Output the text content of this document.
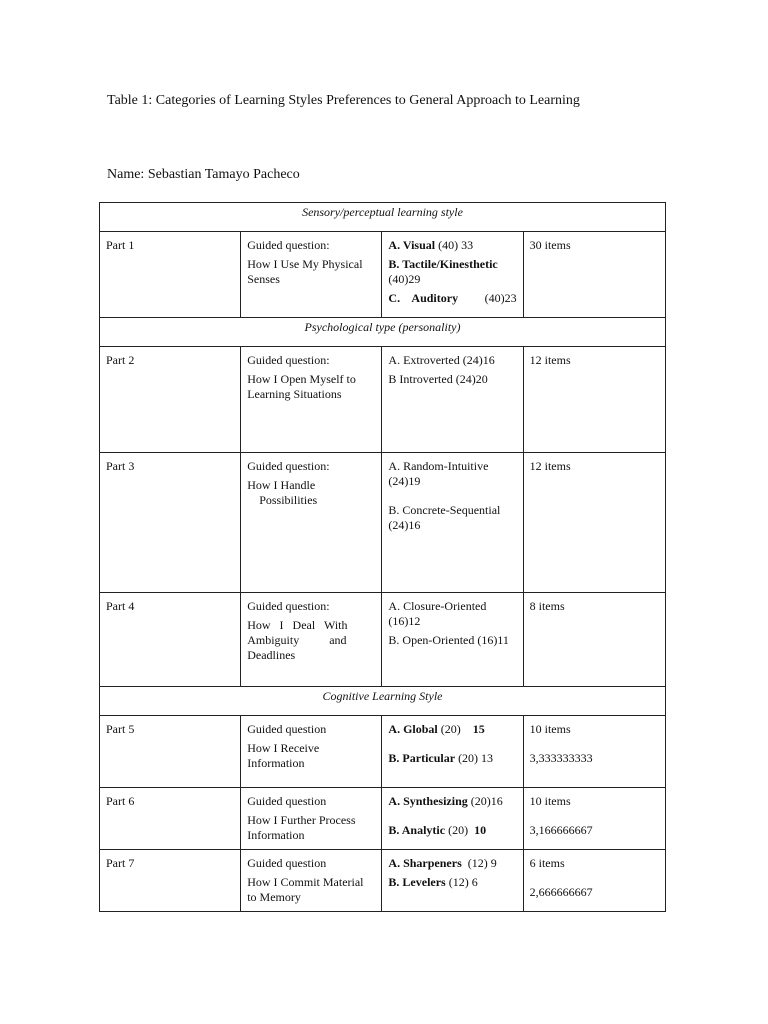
Table 1: Categories of Learning Styles Preferences to General Approach to Learning
Name: Sebastian Tamayo Pacheco
Sensory/perceptual learning style			
Part 1	Guided question:
How I Use My Physical Senses	A. Visual (40) 33
B. Tactile/Kinesthetic
(40)29
C.    Auditory (40)23	30 items
Psychological type (personality)			
Part 2	Guided question:
How I Open Myself to Learning Situations	A. Extroverted (24)16
B Introverted (24)20	12 items
Part 3	Guided question:
How I Handle
Possibilities	A. Random-Intuitive (24)19
B. Concrete-Sequential (24)16	12 items
Part 4	Guided question:
How   I   Deal   With
Ambiguity          and
Deadlines	A. Closure-Oriented (16)12
B. Open-Oriented (16)11	8 items
Cognitive Learning Style			
Part 5	Guided question
How I Receive Information	A. Global (20) 15
B. Particular (20) 13	10 items
3,333333333

Part 6	Guided question
How I Further Process Information	A. Synthesizing (20)16
B. Analytic (20) 10	10 items
3,166666667

Part 7	Guided question
How I Commit Material to Memory	A. Sharpeners (12) 9
B. Levelers (12) 6	6 items
2,666666667
